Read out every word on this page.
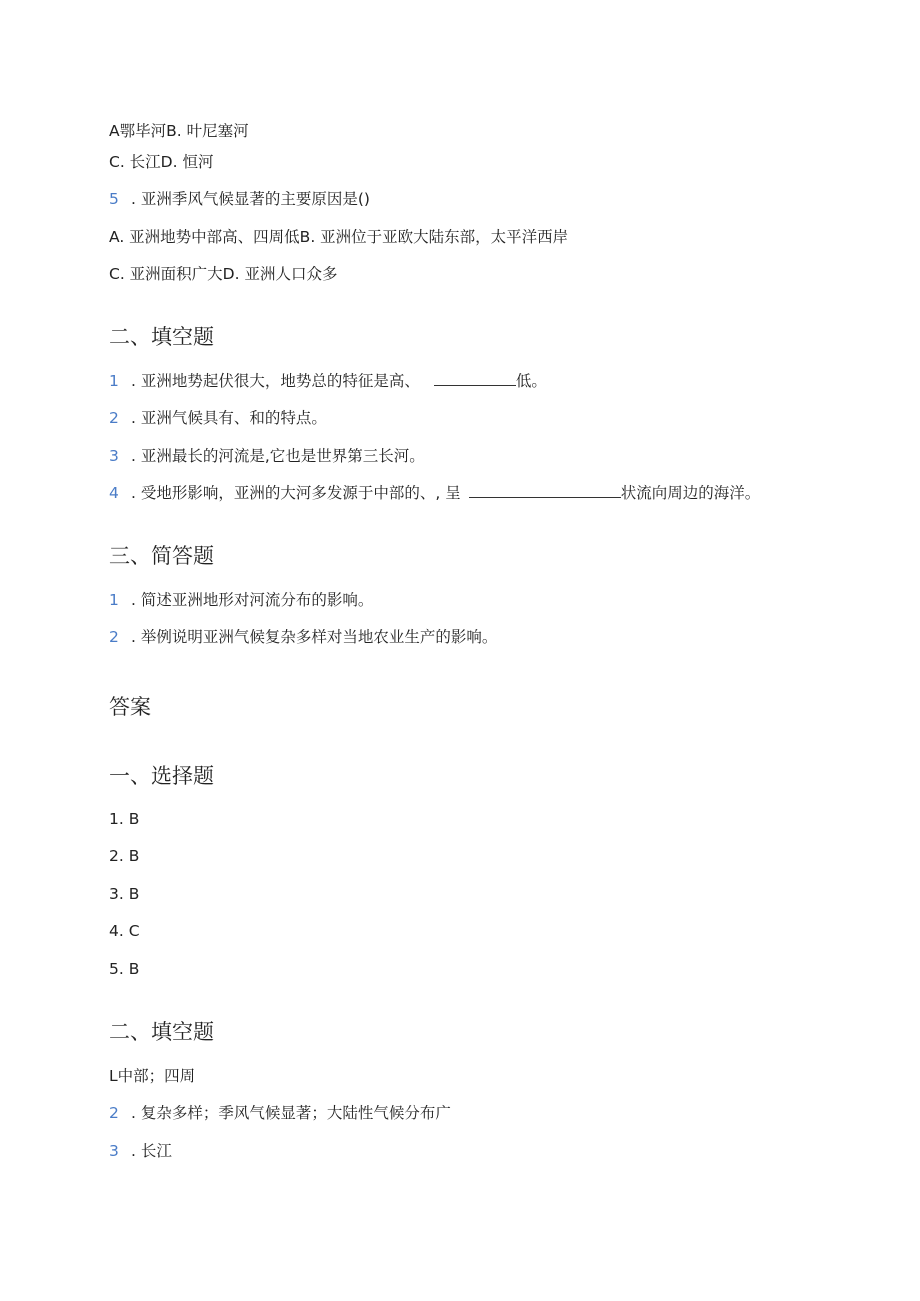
A鄂毕河B. 叶尼塞河
C. 长江D. 恒河
5 . 亚洲季风气候显著的主要原因是()
A. 亚洲地势中部高、四周低B. 亚洲位于亚欧大陆东部，太平洋西岸
C. 亚洲面积广大D. 亚洲人口众多
二、填空题
1 . 亚洲地势起伏很大，地势总的特征是高、	低。
2 . 亚洲气候具有、和的特点。
3 . 亚洲最长的河流是,它也是世界第三长河。
4 . 受地形影响，亚洲的大河多发源于中部的、, 呈	状流向周边的海洋。
三、简答题
1 . 简述亚洲地形对河流分布的影响。
2 . 举例说明亚洲气候复杂多样对当地农业生产的影响。
答案
一、选择题
1. B
2. B
3. B
4. C
5. B
二、填空题
L中部；四周
2 . 复杂多样；季风气候显著；大陆性气候分布广
3 . 长江
